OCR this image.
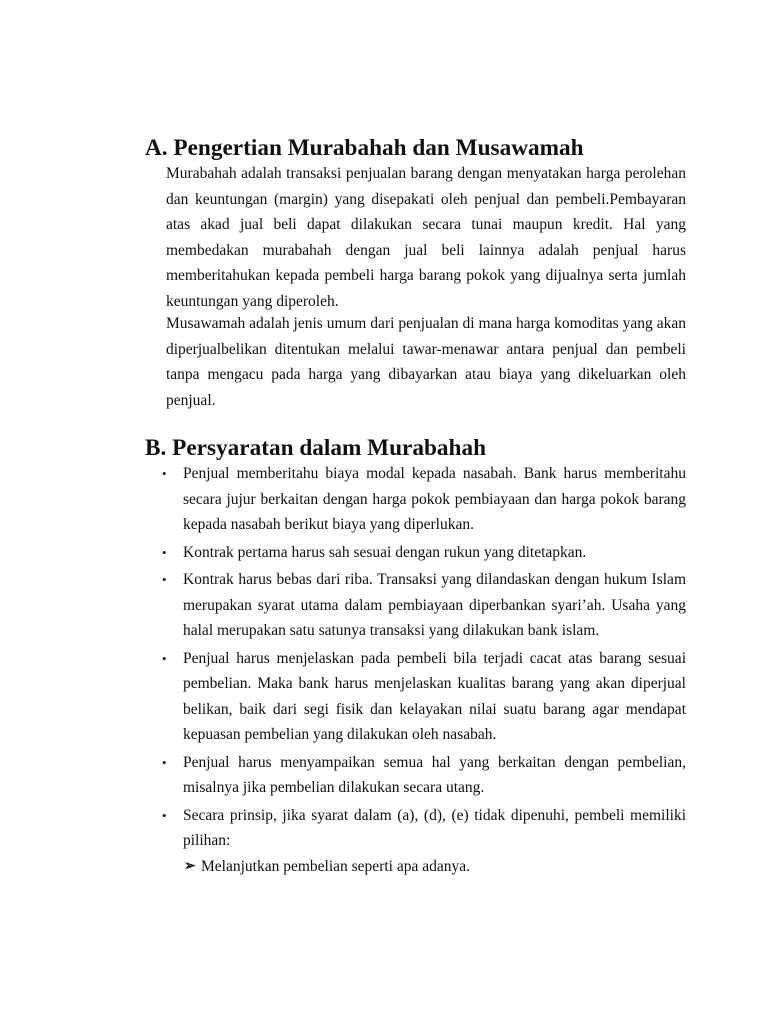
A. Pengertian Murabahah dan Musawamah

Murabahah adalah transaksi penjualan barang dengan menyatakan harga perolehan dan keuntungan (margin) yang disepakati oleh penjual dan pembeli.Pembayaran atas akad jual beli dapat dilakukan secara tunai maupun kredit. Hal yang membedakan murabahah dengan jual beli lainnya adalah penjual harus memberitahukan kepada pembeli harga barang pokok yang dijualnya serta jumlah keuntungan yang diperoleh.

Musawamah adalah jenis umum dari penjualan di mana harga komoditas yang akan diperjualbelikan ditentukan melalui tawar-menawar antara penjual dan pembeli tanpa mengacu pada harga yang dibayarkan atau biaya yang dikeluarkan oleh penjual.

B. Persyaratan dalam Murabahah
• Penjual memberitahu biaya modal kepada nasabah. Bank harus memberitahu secara jujur berkaitan dengan harga pokok pembiayaan dan harga pokok barang kepada nasabah berikut biaya yang diperlukan.
• Kontrak pertama harus sah sesuai dengan rukun yang ditetapkan.
• Kontrak harus bebas dari riba. Transaksi yang dilandaskan dengan hukum Islam merupakan syarat utama dalam pembiayaan diperbankan syari’ah. Usaha yang halal merupakan satu satunya transaksi yang dilakukan bank islam.
• Penjual harus menjelaskan pada pembeli bila terjadi cacat atas barang sesuai pembelian. Maka bank harus menjelaskan kualitas barang yang akan diperjual belikan, baik dari segi fisik dan kelayakan nilai suatu barang agar mendapat kepuasan pembelian yang dilakukan oleh nasabah.
• Penjual harus menyampaikan semua hal yang berkaitan dengan pembelian, misalnya jika pembelian dilakukan secara utang.
• Secara prinsip, jika syarat dalam (a), (d), (e) tidak dipenuhi, pembeli memiliki pilihan:
➢ Melanjutkan pembelian seperti apa adanya.
